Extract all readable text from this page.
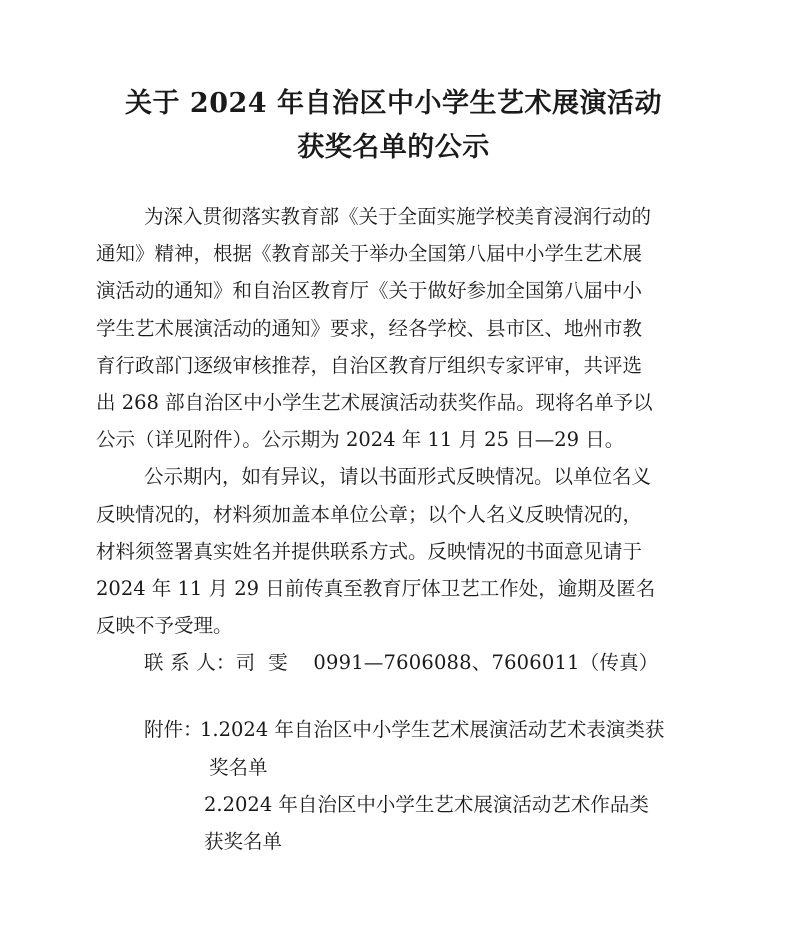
关于 2024 年自治区中小学生艺术展演活动
获奖名单的公示
为深入贯彻落实教育部《关于全面实施学校美育浸润行动的
通知》精神，根据《教育部关于举办全国第八届中小学生艺术展
演活动的通知》和自治区教育厅《关于做好参加全国第八届中小
学生艺术展演活动的通知》要求，经各学校、县市区、地州市教
育行政部门逐级审核推荐，自治区教育厅组织专家评审，共评选
出 268 部自治区中小学生艺术展演活动获奖作品。现将名单予以
公示（详见附件）。公示期为 2024 年 11 月 25 日—29 日。
公示期内，如有异议，请以书面形式反映情况。以单位名义
反映情况的，材料须加盖本单位公章；以个人名义反映情况的，
材料须签署真实姓名并提供联系方式。反映情况的书面意见请于
2024 年 11 月 29 日前传真至教育厅体卫艺工作处，逾期及匿名
反映不予受理。
联 系 人：司  雯    0991—7606088、7606011（传真）
附件：
1.2024 年自治区中小学生艺术展演活动艺术表演类获
奖名单
2.2024 年自治区中小学生艺术展演活动艺术作品类
获奖名单
